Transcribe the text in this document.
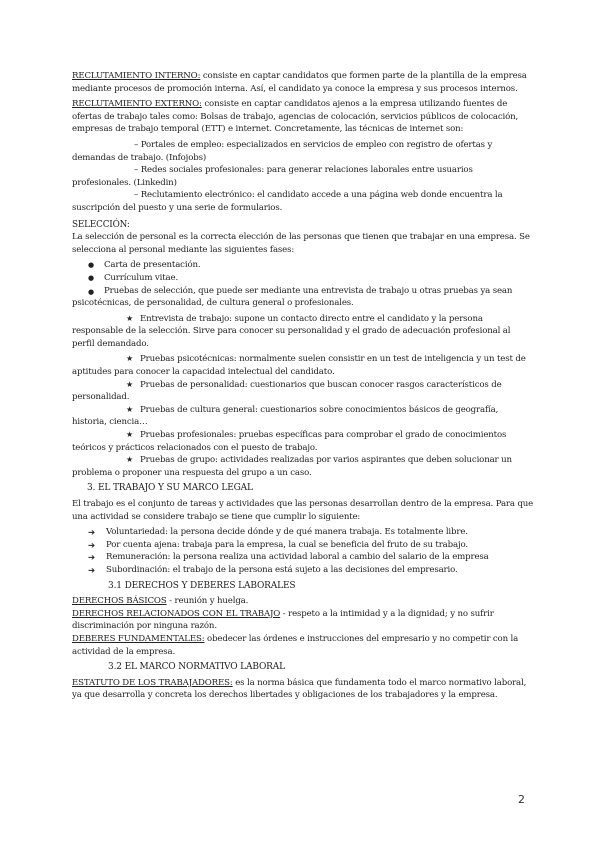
RECLUTAMIENTO INTERNO: consiste en captar candidatos que formen parte de la plantilla de la empresa mediante procesos de promoción interna. Así, el candidato ya conoce la empresa y sus procesos internos.

RECLUTAMIENTO EXTERNO: consiste en captar candidatos ajenos a la empresa utilizando fuentes de ofertas de trabajo tales como: Bolsas de trabajo, agencias de colocación, servicios públicos de colocación, empresas de trabajo temporal (ETT) e internet. Concretamente, las técnicas de internet son:

– Portales de empleo: especializados en servicios de empleo con registro de ofertas y demandas de trabajo. (Infojobs)

– Redes sociales profesionales: para generar relaciones laborales entre usuarios profesionales. (Linkedin)

– Reclutamiento electrónico: el candidato accede a una página web donde encuentra la suscripción del puesto y una serie de formularios.

SELECCIÓN:

La selección de personal es la correcta elección de las personas que tienen que trabajar en una empresa. Se selecciona al personal mediante las siguientes fases:

● Carta de presentación.

● Currículum vitae.

● Pruebas de selección, que puede ser mediante una entrevista de trabajo u otras pruebas ya sean psicotécnicas, de personalidad, de cultura general o profesionales.

★ Entrevista de trabajo: supone un contacto directo entre el candidato y la persona responsable de la selección. Sirve para conocer su personalidad y el grado de adecuación profesional al perfil demandado.

★ Pruebas psicotécnicas: normalmente suelen consistir en un test de inteligencia y un test de aptitudes para conocer la capacidad intelectual del candidato.

★ Pruebas de personalidad: cuestionarios que buscan conocer rasgos característicos de personalidad.

★ Pruebas de cultura general: cuestionarios sobre conocimientos básicos de geografía, historia, ciencia…

★ Pruebas profesionales: pruebas específicas para comprobar el grado de conocimientos teóricos y prácticos relacionados con el puesto de trabajo.

★ Pruebas de grupo: actividades realizadas por varios aspirantes que deben solucionar un problema o proponer una respuesta del grupo a un caso.

3. EL TRABAJO Y SU MARCO LEGAL

El trabajo es el conjunto de tareas y actividades que las personas desarrollan dentro de la empresa. Para que una actividad se considere trabajo se tiene que cumplir lo siguiente:

➔ Voluntariedad: la persona decide dónde y de qué manera trabaja. Es totalmente libre.

➔ Por cuenta ajena: trabaja para la empresa, la cual se beneficia del fruto de su trabajo.

➔ Remuneración: la persona realiza una actividad laboral a cambio del salario de la empresa

➔ Subordinación: el trabajo de la persona está sujeto a las decisiones del empresario.

3.1 DERECHOS Y DEBERES LABORALES

DERECHOS BÁSICOS - reunión y huelga.

DERECHOS RELACIONADOS CON EL TRABAJO - respeto a la intimidad y a la dignidad; y no sufrir discriminación por ninguna razón.

DEBERES FUNDAMENTALES: obedecer las órdenes e instrucciones del empresario y no competir con la actividad de la empresa.

3.2 EL MARCO NORMATIVO LABORAL

ESTATUTO DE LOS TRABAJADORES: es la norma básica que fundamenta todo el marco normativo laboral, ya que desarrolla y concreta los derechos libertades y obligaciones de los trabajadores y la empresa.

2
